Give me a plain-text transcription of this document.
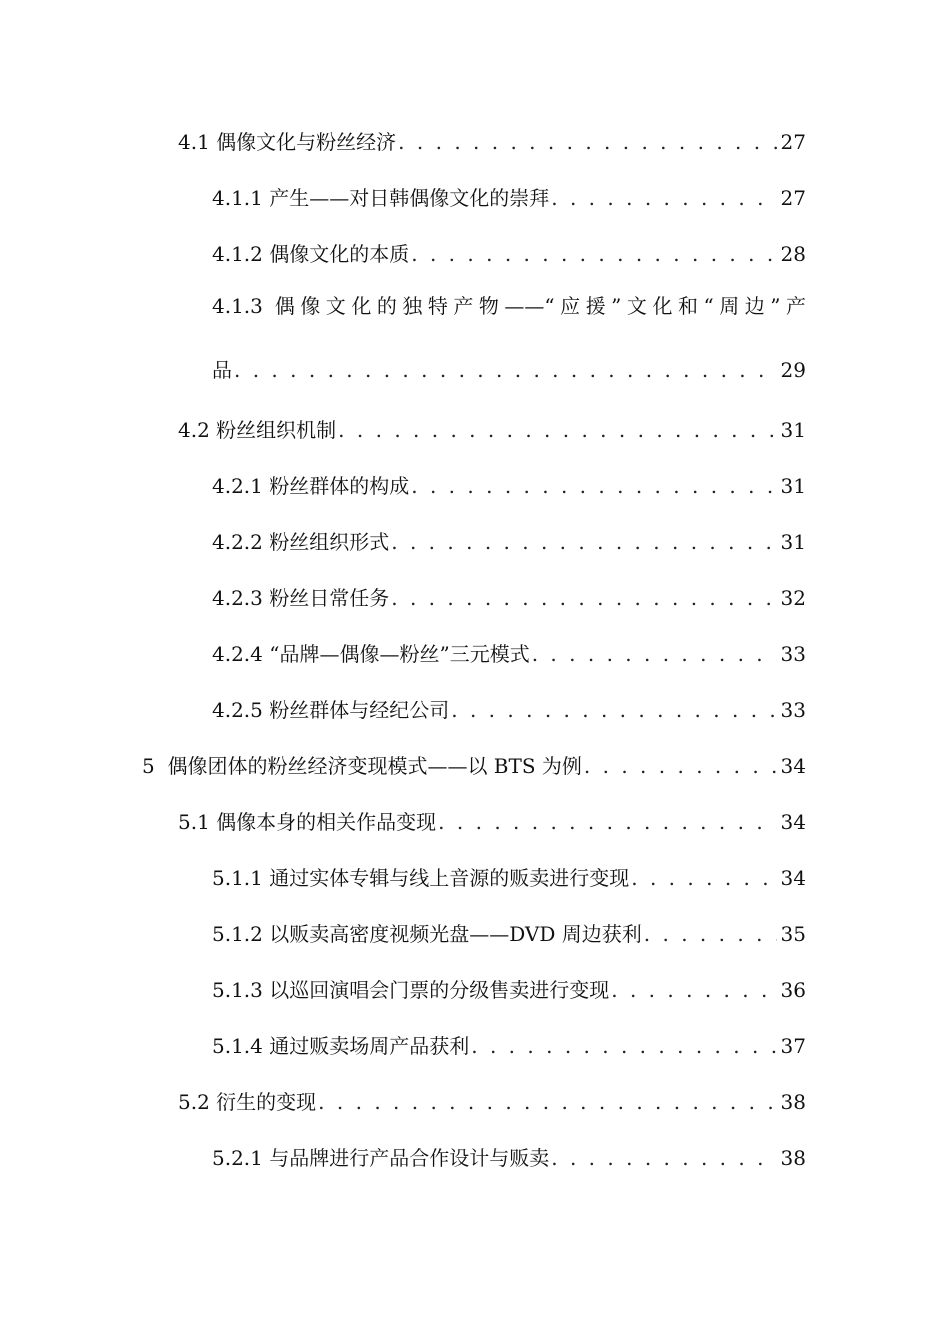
4.1 偶像文化与粉丝经济 . . .	27
4.1.1 产生——对日韩偶像文化的崇拜 . . .	27
4.1.2 偶像文化的本质 . . .	28
4.1.3 偶像文化的独特产物——“应援”文化和“周边”产
品 . . .	29
4.2 粉丝组织机制 . . .	31
4.2.1 粉丝群体的构成 . . .	31
4.2.2 粉丝组织形式 . . .	31
4.2.3 粉丝日常任务 . . .	32
4.2.4 “品牌—偶像—粉丝”三元模式 . . .	33
4.2.5 粉丝群体与经纪公司 . . .	33
5 偶像团体的粉丝经济变现模式——以 BTS 为例 . . .	34
5.1 偶像本身的相关作品变现 . . .	34
5.1.1 通过实体专辑与线上音源的贩卖进行变现 . . .	34
5.1.2 以贩卖高密度视频光盘——DVD 周边获利 . . .	35
5.1.3 以巡回演唱会门票的分级售卖进行变现 . . .	36
5.1.4 通过贩卖场周产品获利 . . .	37
5.2 衍生的变现 . . .	38
5.2.1 与品牌进行产品合作设计与贩卖 . . .	38
